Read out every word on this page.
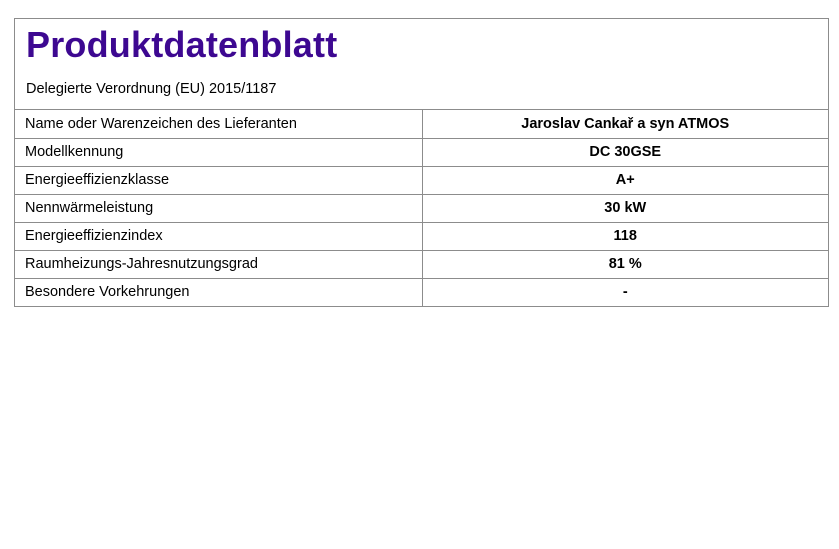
Produktdatenblatt

Delegierte Verordnung (EU) 2015/1187

Name oder Warenzeichen des Lieferanten	Jaroslav Cankař a syn ATMOS
Modellkennung	DC 30GSE
Energieeffizienzklasse	A+
Nennwärmeleistung	30 kW
Energieeffizienzindex	118
Raumheizungs-Jahresnutzungsgrad	81 %
Besondere Vorkehrungen	-
